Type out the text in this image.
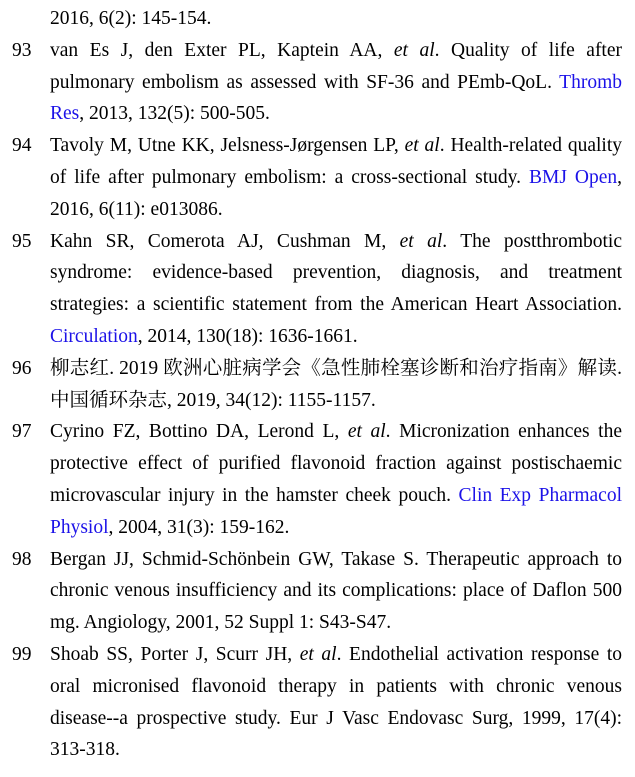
2016, 6(2): 145-154.
93 van Es J, den Exter PL, Kaptein AA, et al. Quality of life after pulmonary embolism as assessed with SF-36 and PEmb-QoL. Thromb Res, 2013, 132(5): 500-505.
94 Tavoly M, Utne KK, Jelsness-Jørgensen LP, et al. Health-related quality of life after pulmonary embolism: a cross-sectional study. BMJ Open, 2016, 6(11): e013086.
95 Kahn SR, Comerota AJ, Cushman M, et al. The postthrombotic syndrome: evidence-based prevention, diagnosis, and treatment strategies: a scientific statement from the American Heart Association. Circulation, 2014, 130(18): 1636-1661.
96 柳志红. 2019 欧洲心脏病学会《急性肺栓塞诊断和治疗指南》解读. 中国循环杂志, 2019, 34(12): 1155-1157.
97 Cyrino FZ, Bottino DA, Lerond L, et al. Micronization enhances the protective effect of purified flavonoid fraction against postischaemic microvascular injury in the hamster cheek pouch. Clin Exp Pharmacol Physiol, 2004, 31(3): 159-162.
98 Bergan JJ, Schmid-Schönbein GW, Takase S. Therapeutic approach to chronic venous insufficiency and its complications: place of Daflon 500 mg. Angiology, 2001, 52 Suppl 1: S43-S47.
99 Shoab SS, Porter J, Scurr JH, et al. Endothelial activation response to oral micronised flavonoid therapy in patients with chronic venous disease--a prospective study. Eur J Vasc Endovasc Surg, 1999, 17(4): 313-318.
